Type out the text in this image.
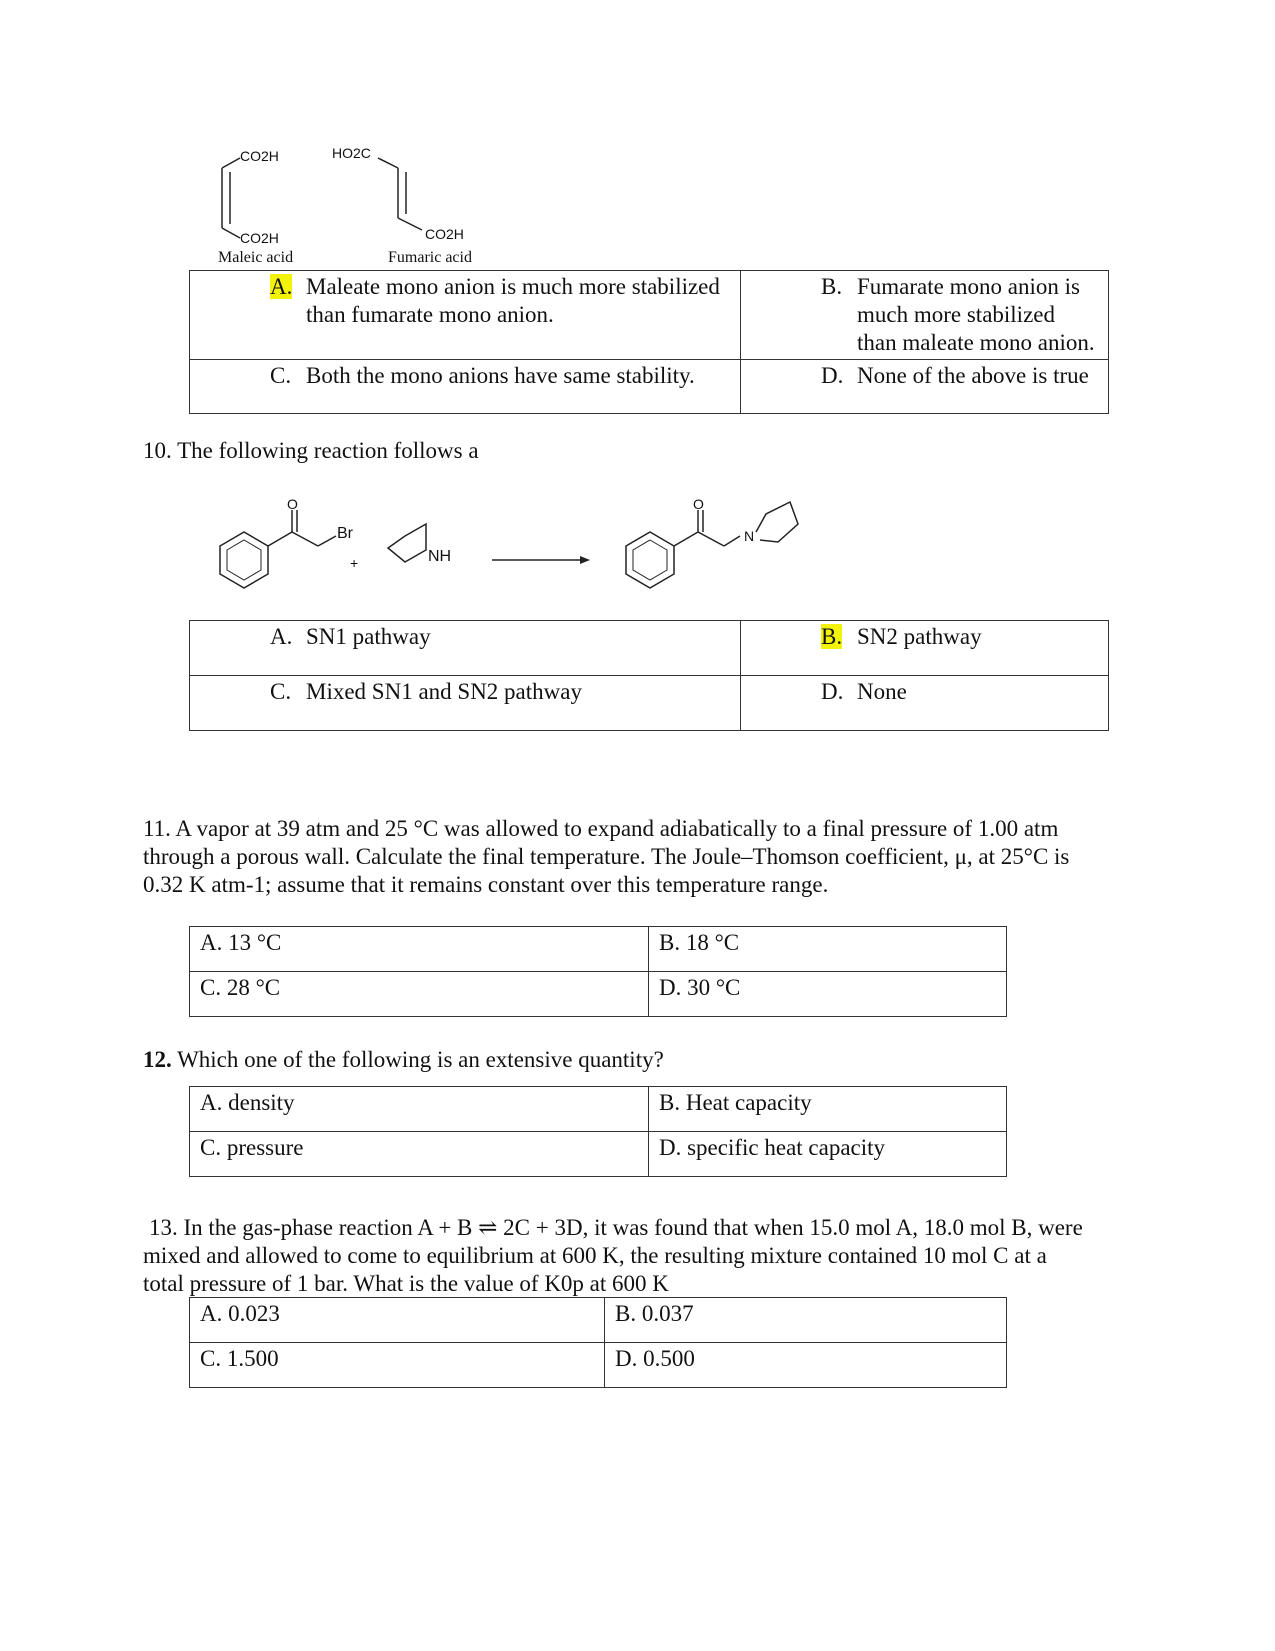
CO2H
CO2H
Maleic acid
HO2C
CO2H
Fumaric acid
A. Maleate mono anion is much more stabilized than fumarate mono anion.	B. Fumarate mono anion is much more stabilized than maleate mono anion.

C. Both the mono anions have same stability.	D. None of the above is true
10. The following reaction follows a
O
Br
+	NH
O
N
A. SN1 pathway	B. SN2 pathway

C. Mixed SN1 and SN2 pathway	D. None
11. A vapor at 39 atm and 25 °C was allowed to expand adiabatically to a final pressure of 1.00 atm through a porous wall. Calculate the final temperature. The Joule–Thomson coefficient, μ, at 25°C is 0.32 K atm-1; assume that it remains constant over this temperature range.
A. 13 °C	B. 18 °C
C. 28 °C	D. 30 °C
12. Which one of the following is an extensive quantity?
A. density	B. Heat capacity
C. pressure	D. specific heat capacity
13. In the gas-phase reaction A + B ⇌ 2C + 3D, it was found that when 15.0 mol A, 18.0 mol B, were mixed and allowed to come to equilibrium at 600 K, the resulting mixture contained 10 mol C at a total pressure of 1 bar. What is the value of K0p at 600 K
A. 0.023	B. 0.037
C. 1.500	D. 0.500
